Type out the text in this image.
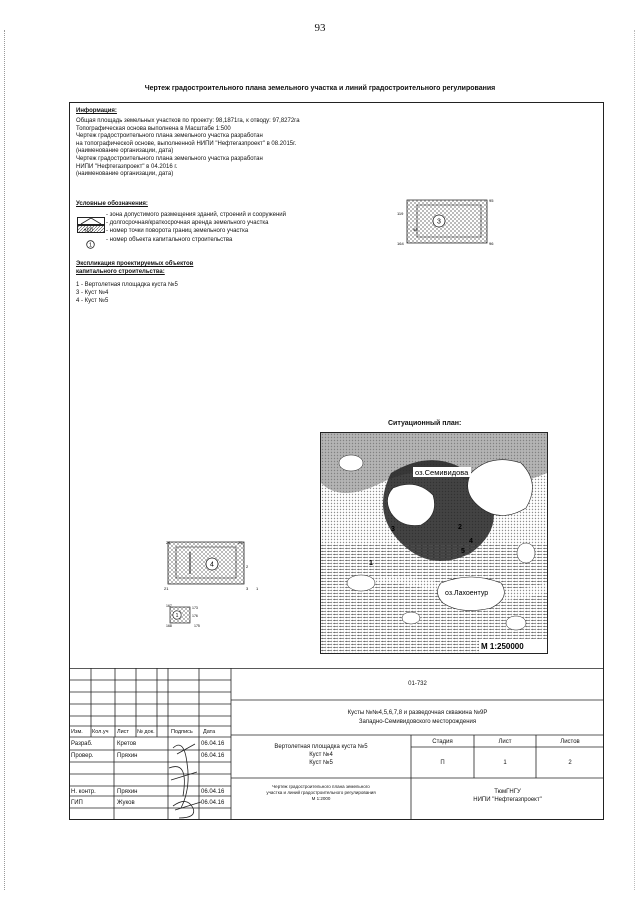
93
Чертеж градостроительного плана земельного участка и линий градостроительного регулирования
Информация:
Общая площадь земельных участков по проекту: 98,1871га, к отводу: 97,8272га
Топографическая основа выполнена в Масштабе 1:500
Чертеж градостроительного плана земельного участка разработан
на топографической основе, выполненной НИПИ "Нефтегазпроект" в 08.2015г.
(наименование организации, дата)
Чертеж градостроительного плана земельного участка разработан
НИПИ "Нефтегазпроект" в 04.2016 г.
(наименование организации, дата)
Условные обозначения:
- зона допустимого размещения зданий, строений и сооружений
- долгосрочная/краткосрочная аренда земельного участка
•10 - номер точки поворота границ земельного участка
1
- номер объекта капитального строительства
Экспликация проектируемых объектов
капитального строительства:
1 - Вертолетная площадка куста №5
3 - Куст №4
4 - Куст №5
3
95
119
96
164
98
4
24	25
2
21	3 1
1
167	173
176
175
168
Ситуационный план:
оз.Семивидова
оз.Лахоентур
3
1
2
4
5
М 1:250000
01-732
Кусты №№4,5,6,7,8 и разведочная скважина №9Р
Западно-Семивидовского месторождения
Изм. Кол.уч Лист № док.	Подпись Дата
Разраб.	Кретов	06.04.16
Провер.	Пряхин	06.04.16
Н. контр.	Пряхин	06.04.16
ГИП	Жуков	06.04.16
Вертолетная площадка куста №5
Куст №4
Куст №5
Стадия	Лист	Листов
П	1	2
Чертеж градостроительного плана земельного
участка и линий градостроительного регулирования
М 1:2000
ТюмГНГУ
НИПИ "Нефтегазпроект"
